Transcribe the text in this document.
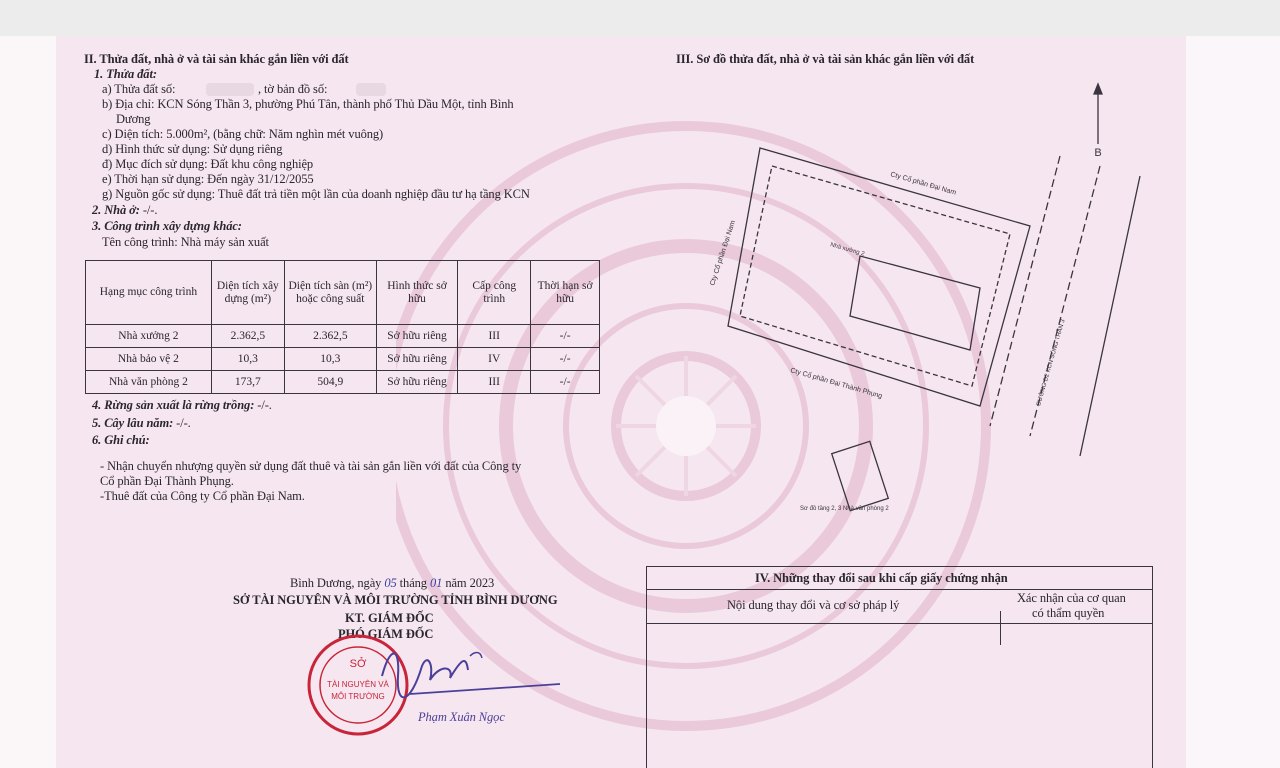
II. Thửa đất, nhà ở và tài sản khác gắn liền với đất
1. Thửa đất:
a) Thửa đất số:	, tờ bản đồ số:
b) Địa chỉ: KCN Sóng Thần 3, phường Phú Tân, thành phố Thủ Dầu Một, tỉnh Bình
Dương
c) Diện tích: 5.000m², (bằng chữ: Năm nghìn mét vuông)
d) Hình thức sử dụng: Sử dụng riêng
đ) Mục đích sử dụng: Đất khu công nghiệp
e) Thời hạn sử dụng: Đến ngày 31/12/2055
g) Nguồn gốc sử dụng: Thuê đất trả tiền một lần của doanh nghiệp đầu tư hạ tầng KCN
2. Nhà ở: -/-.
3. Công trình xây dựng khác:
Tên công trình: Nhà máy sản xuất
Hạng mục công trình	Diện tích xây dựng (m²)	Diện tích sàn (m²) hoặc công suất	Hình thức sở hữu	Cấp công trình	Thời hạn sở hữu
Nhà xưởng 2	2.362,5	2.362,5	Sở hữu riêng	III	-/-
Nhà bảo vệ 2	10,3	10,3	Sở hữu riêng	IV	-/-
Nhà văn phòng 2	173,7	504,9	Sở hữu riêng	III	-/-
4. Rừng sản xuất là rừng trồng: -/-.
5. Cây lâu năm: -/-.
6. Ghi chú:
- Nhận chuyển nhượng quyền sử dụng đất thuê và tài sản gắn liền với đất của Công ty
Cổ phần Đại Thành Phụng.
-Thuê đất của Công ty Cổ phần Đại Nam.
Bình Dương, ngày 05 tháng 01 năm 2023
SỞ TÀI NGUYÊN VÀ MÔI TRƯỜNG TỈNH BÌNH DƯƠNG
KT. GIÁM ĐỐC
PHÓ GIÁM ĐỐC
SỞ
TÀI NGUYÊN VÀ
MÔI TRƯỜNG
Phạm Xuân Ngọc
III. Sơ đồ thửa đất, nhà ở và tài sản khác gắn liền với đất
B
Cty Cổ phần Đại Nam
Cty Cổ phần Đại Thành Phụng
Cty Cổ phần Đại Nam	Nhà xưởng 2
ĐƯỜNG D2 KCN SÓNG THẦN 3
Sơ đồ tầng 2, 3 Nhà văn phòng 2
IV. Những thay đổi sau khi cấp giấy chứng nhận
Nội dung thay đổi và cơ sở pháp lý	Xác nhận của cơ quan
có thẩm quyền
